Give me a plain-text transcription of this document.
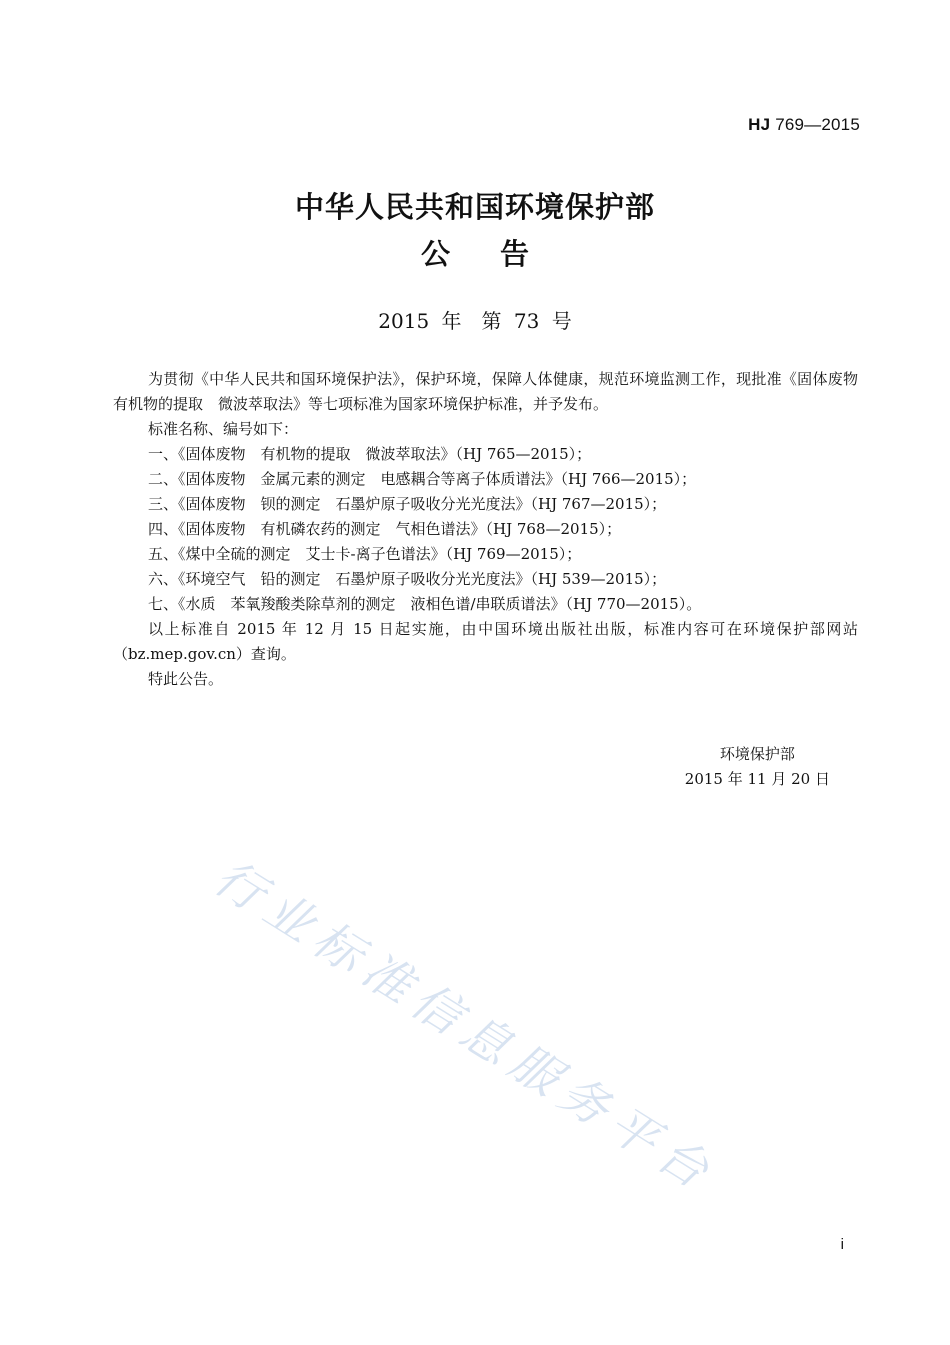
HJ 769—2015
中华人民共和国环境保护部
公 告
2015 年　第 73 号

为贯彻《中华人民共和国环境保护法》，保护环境，保障人体健康，规范环境监测工作，现批准《固体废物　有机物的提取　微波萃取法》等七项标准为国家环境保护标准，并予发布。

标准名称、编号如下：

一、《固体废物　有机物的提取　微波萃取法》（HJ 765—2015）；

二、《固体废物　金属元素的测定　电感耦合等离子体质谱法》（HJ 766—2015）；

三、《固体废物　钡的测定　石墨炉原子吸收分光光度法》（HJ 767—2015）；

四、《固体废物　有机磷农药的测定　气相色谱法》（HJ 768—2015）；

五、《煤中全硫的测定　艾士卡-离子色谱法》（HJ 769—2015）；

六、《环境空气　铅的测定　石墨炉原子吸收分光光度法》（HJ 539—2015）；

七、《水质　苯氧羧酸类除草剂的测定　液相色谱/串联质谱法》（HJ 770—2015）。

以上标准自 2015 年 12 月 15 日起实施，由中国环境出版社出版，标准内容可在环境保护部网站（bz.mep.gov.cn）查询。

特此公告。

环境保护部
2015 年 11 月 20 日
行业标准信息服务平台
i
